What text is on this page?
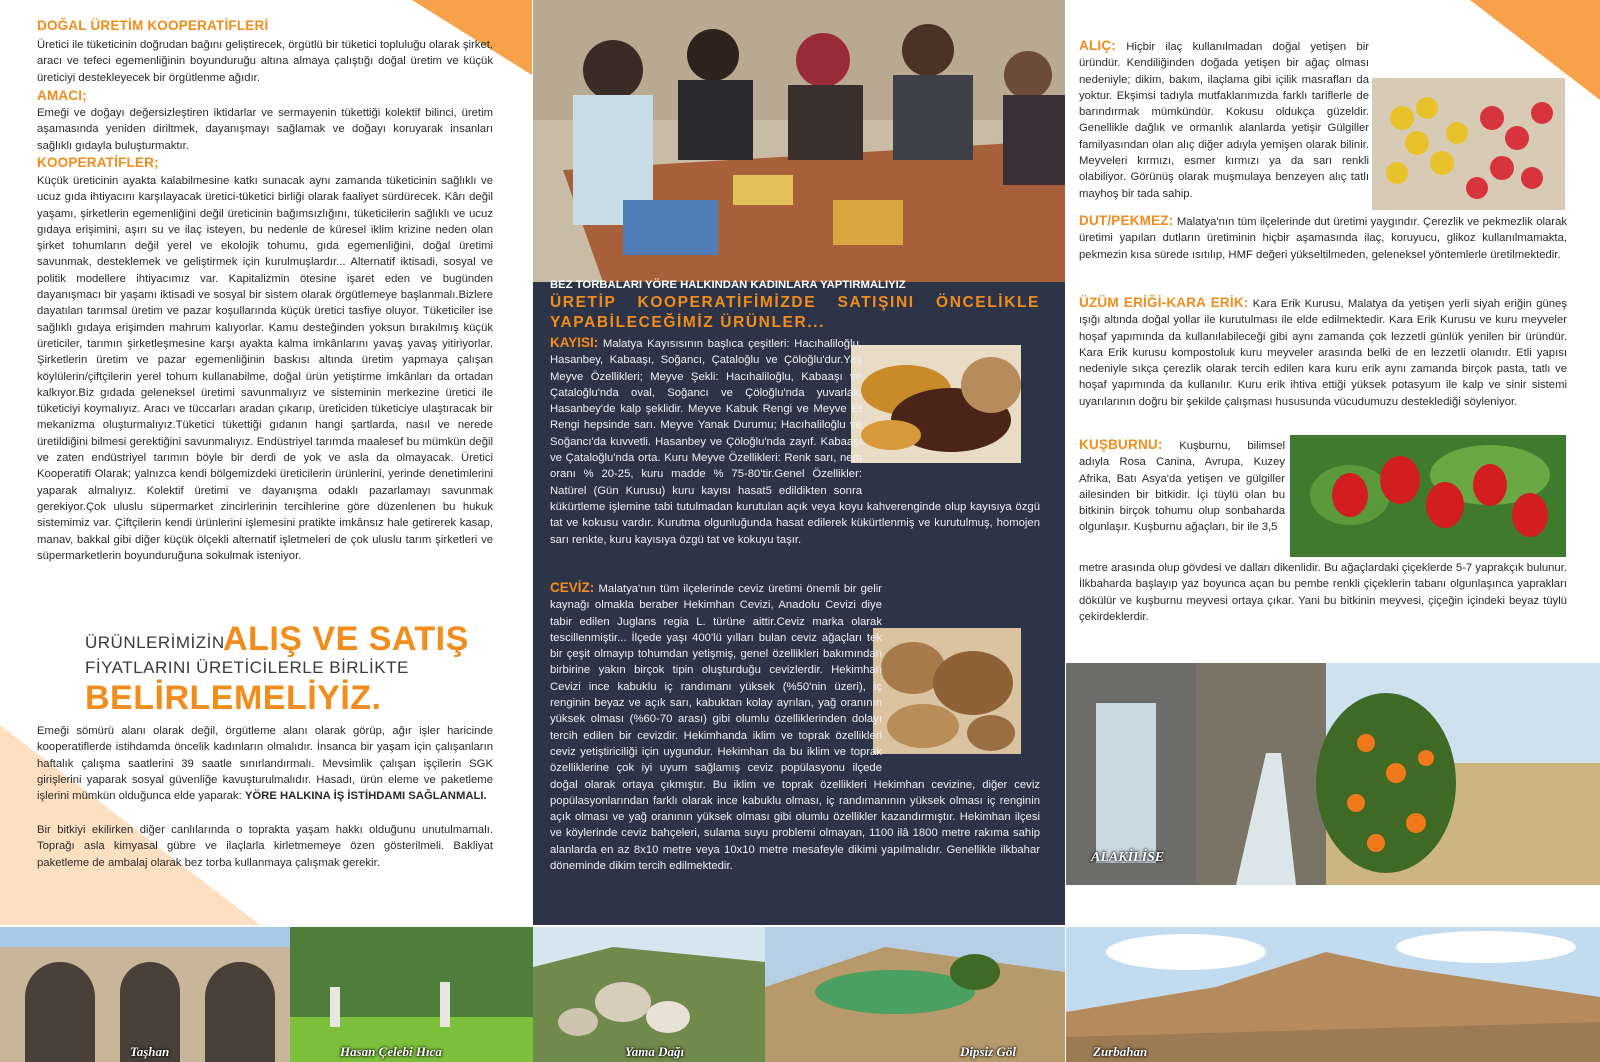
DOĞAL ÜRETİM KOOPERATİFLERİ

Üretici ile tüketicinin doğrudan bağını geliştirecek, örgütlü bir tüketici topluluğu olarak şirket, aracı ve tefeci egemenliğinin boyunduruğu altına almaya çalıştığı doğal üretim ve küçük üreticiyi destekleyecek bir örgütlenme ağıdır.

AMACI;

Emeği ve doğayı değersizleştiren iktidarlar ve sermayenin tükettiği kolektif bilinci, üretim aşamasında yeniden diriltmek, dayanışmayı sağlamak ve doğayı koruyarak insanları sağlıklı gıdayla buluşturmaktır.

KOOPERATİFLER;

Küçük üreticinin ayakta kalabilmesine katkı sunacak aynı zamanda tüketicinin sağlıklı ve ucuz gıda ihtiyacını karşılayacak üretici-tüketici birliği olarak faaliyet sürdürecek. Kârı değil yaşamı, şirketlerin egemenliğini değil üreticinin bağımsızlığını, tüketicilerin sağlıklı ve ucuz gıdaya erişimini, aşırı su ve ilaç isteyen, bu nedenle de küresel iklim krizine neden olan şirket tohumların değil yerel ve ekolojik tohumu, gıda egemenliğini, doğal üretimi savunmak, desteklemek ve geliştirmek için kurulmuşlardır... Alternatif iktisadi, sosyal ve politik modellere ihtiyacımız var. Kapitalizmin ötesine işaret eden ve bugünden dayanışmacı bir yaşamı iktisadi ve sosyal bir sistem olarak örgütlemeye başlanmalı.Bizlere dayatılan tarımsal üretim ve pazar koşullarında küçük üretici tasfiye oluyor. Tüketiciler ise sağlıklı gıdaya erişimden mahrum kalıyorlar. Kamu desteğinden yoksun bırakılmış küçük üreticiler, tarımın şirketleşmesine karşı ayakta kalma imkânlarını yavaş yavaş yitiriyorlar. Şirketlerin üretim ve pazar egemenliğinin baskısı altında üretim yapmaya çalışan köylülerin/çiftçilerin yerel tohum kullanabilme, doğal ürün yetiştirme imkânları da ortadan kalkıyor.Biz gıdada geleneksel üretimi savunmalıyız ve sisteminin merkezine üretici ile tüketiciyi koymalıyız. Aracı ve tüccarları aradan çıkarıp, üreticiden tüketiciye ulaştıracak bir mekanizma oluşturmalıyız.Tüketici tükettiği gıdanın hangi şartlarda, nasıl ve nerede üretildiğini bilmesi gerektiğini savunmalıyız. Endüstriyel tarımda maalesef bu mümkün değil ve zaten endüstriyel tarımın böyle bir derdi de yok ve asla da olmayacak. Üretici Kooperatifi Olarak; yalnızca kendi bölgemizdeki üreticilerin ürünlerini, yerinde denetimlerini yaparak almalıyız. Kolektif üretimi ve dayanışma odaklı pazarlamayı savunmak gerekiyor.Çok uluslu süpermarket zincirlerinin tercihlerine göre düzenlenen bu hukuk sistemimiz var. Çiftçilerin kendi ürünlerini işlemesini pratikte imkânsız hale getirerek kasap, manav, bakkal gibi diğer küçük ölçekli alternatif işletmeleri de çok uluslu tarım şirketleri ve süpermarketlerin boyunduruğuna sokulmak isteniyor.

ÜRÜNLERİMİZİN
ALIŞ VE SATIŞ
FİYATLARINI ÜRETİCİLERLE BİRLİKTE
BELİRLEMELİYİZ.

Emeği sömürü alanı olarak değil, örgütleme alanı olarak görüp, ağır işler haricinde kooperatiflerde istihdamda öncelik kadınların olmalıdır. İnsanca bir yaşam için çalışanların haftalık çalışma saatlerini 39 saatle sınırlandırmalı. Mevsimlik çalışan işçilerin SGK girişlerini yaparak sosyal güvenliğe kavuşturulmalıdır. Hasadı, ürün eleme ve paketleme işlerini mümkün olduğunca elde yaparak: YÖRE HALKINA İŞ İSTİHDAMI SAĞLANMALI.

Bir bitkiyi ekilirken diğer canlılarında o toprakta yaşam hakkı olduğunu unutulmamalı. Toprağı asla kimyasal gübre ve ilaçlarla kirletmemeye özen gösterilmeli. Bakliyat paketleme de ambalaj olarak bez torba kullanmaya çalışmak gerekir.

BEZ TORBALARI YÖRE HALKINDAN KADINLARA YAPTIRMALIYIZ
ÜRETİP KOOPERATİFİMİZDE SATIŞINI ÖNCELİKLE YAPABİLECEĞİMİZ ÜRÜNLER...

KAYISI: Malatya Kayısısının başlıca çeşitleri: Hacıhaliloğlu, Hasanbey, Kabaaşı, Soğancı, Çataloğlu ve Çöloğlu'dur.Yaş Meyve Özellikleri; Meyve Şekli: Hacıhaliloğlu, Kabaaşı ve Çataloğlu'nda oval, Soğancı ve Çöloğlu'nda yuvarlak, Hasanbey'de kalp şeklidir. Meyve Kabuk Rengi ve Meyve Et Rengi hepsinde sarı. Meyve Yanak Durumu; Hacıhaliloğlu ve Soğancı'da kuvvetli. Hasanbey ve Çöloğlu'nda zayıf. Kabaaşı ve Çataloğlu'nda orta. Kuru Meyve Özellikleri: Renk sarı, nem oranı % 20-25, kuru madde % 75-80'tir.Genel Özellikler: Natürel (Gün Kurusu) kuru kayısı hasat5 edildikten sonra kükürtleme işlemine tabi tutulmadan kurutulan açık veya koyu kahverenginde olup kayısıya özgü tat ve kokusu vardır. Kurutma olgunluğunda hasat edilerek kükürtlenmiş ve kurutulmuş, homojen sarı renkte, kuru kayısıya özgü tat ve kokuyu taşır.

CEVİZ: Malatya'nın tüm ilçelerinde ceviz üretimi önemli bir gelir kaynağı olmakla beraber Hekimhan Cevizi, Anadolu Cevizi diye tabir edilen Juglans regia L. türüne aittir.Ceviz marka olarak tescillenmiştir... İlçede yaşı 400'lü yılları bulan ceviz ağaçları tek bir çeşit olmayıp tohumdan yetişmiş, genel özellikleri bakımından birbirine yakın birçok tipin oluşturduğu cevizlerdir. Hekimhan Cevizi ince kabuklu iç randımanı yüksek (%50'nin üzeri), iç renginin beyaz ve açık sarı, kabuktan kolay ayrılan, yağ oranının yüksek olması (%60-70 arası) gibi olumlu özelliklerinden dolayı tercih edilen bir cevizdir. Hekimhanda iklim ve toprak özellikleri ceviz yetiştiriciliği için uygundur. Hekimhan da bu iklim ve toprak özelliklerine çok iyi uyum sağlamış ceviz popülasyonu ilçede doğal olarak ortaya çıkmıştır. Bu iklim ve toprak özellikleri Hekimhan cevizine, diğer ceviz popülasyonlarından farklı olarak ince kabuklu olması, iç randımanının yüksek olması iç renginin açık olması ve yağ oranının yüksek olması gibi olumlu özellikler kazandırmıştır. Hekimhan ilçesi ve köylerinde ceviz bahçeleri, sulama suyu problemi olmayan, 1100 ilâ 1800 metre rakıma sahip alanlarda en az 8x10 metre veya 10x10 metre mesafeyle dikimi yapılmalıdır. Genellikle ilkbahar döneminde dikim tercih edilmektedir.

ALIÇ: Hiçbir ilaç kullanılmadan doğal yetişen bir üründür. Kendiliğinden doğada yetişen bir ağaç olması nedeniyle; dikim, bakım, ilaçlama gibi içilik masrafları da yoktur. Ekşimsi tadıyla mutfaklarımızda farklı tariflerle de barındırmak mümkündür. Kokusu oldukça güzeldir. Genellikle dağlık ve ormanlık alanlarda yetişir Gülgiller familyasından olan alıç diğer adıyla yemişen olarak bilinir. Meyveleri kırmızı, esmer kırmızı ya da sarı renkli olabiliyor. Görünüş olarak muşmulaya benzeyen alıç tatlı mayhoş bir tada sahip.

DUT/PEKMEZ: Malatya'nın tüm ilçelerinde dut üretimi yaygındır. Çerezlik ve pekmezlik olarak üretimi yapılan dutların üretiminin hiçbir aşamasında ilaç, koruyucu, glikoz kullanılmamakta, pekmezin kısa sürede ısıtılıp, HMF değeri yükseltilmeden, geleneksel yöntemlerle üretilmektedir.

ÜZÜM ERİĞİ-KARA ERİK: Kara Erik Kurusu, Malatya da yetişen yerli siyah eriğin güneş ışığı altında doğal yollar ile kurutulması ile elde edilmektedir. Kara Erik Kurusu ve kuru meyveler hoşaf yapımında da kullanılabileceği gibi aynı zamanda çok lezzetli günlük yenilen bir üründür. Kara Erik kurusu kompostoluk kuru meyveler arasında belki de en lezzetli olanıdır. Etli yapısı nedeniyle sıkça çerezlik olarak tercih edilen kara kuru erik aynı zamanda birçok pasta, tatlı ve hoşaf yapımında da kullanılır. Kuru erik ihtiva ettiği yüksek potasyum ile kalp ve sinir sistemi uyarılarının doğru bir şekilde çalışması hususunda vücudumuzu desteklediği söyleniyor.

KUŞBURNU: Kuşburnu, bilimsel adıyla Rosa Canina, Avrupa, Kuzey Afrika, Batı Asya'da yetişen ve gülgiller ailesinden bir bitkidir. İçi tüylü olan bu bitkinin birçok tohumu olup sonbaharda olgunlaşır. Kuşburnu ağaçları, bir ile 3,5

metre arasında olup gövdesi ve dalları dikenlidir. Bu ağaçlardaki çiçeklerde 5-7 yaprakçık bulunur. İlkbaharda başlayıp yaz boyunca açan bu pembe renkli çiçeklerin tabanı olgunlaşınca yaprakları dökülür ve kuşburnu meyvesi ortaya çıkar. Yani bu bitkinin meyvesi, çiçeğin içindeki beyaz tüylü çekirdeklerdir.

ALAKİLİSE
Taşhan	Hasan Çelebi Hıca	Yama Dağı	Dipsiz Göl	Zurbahan
